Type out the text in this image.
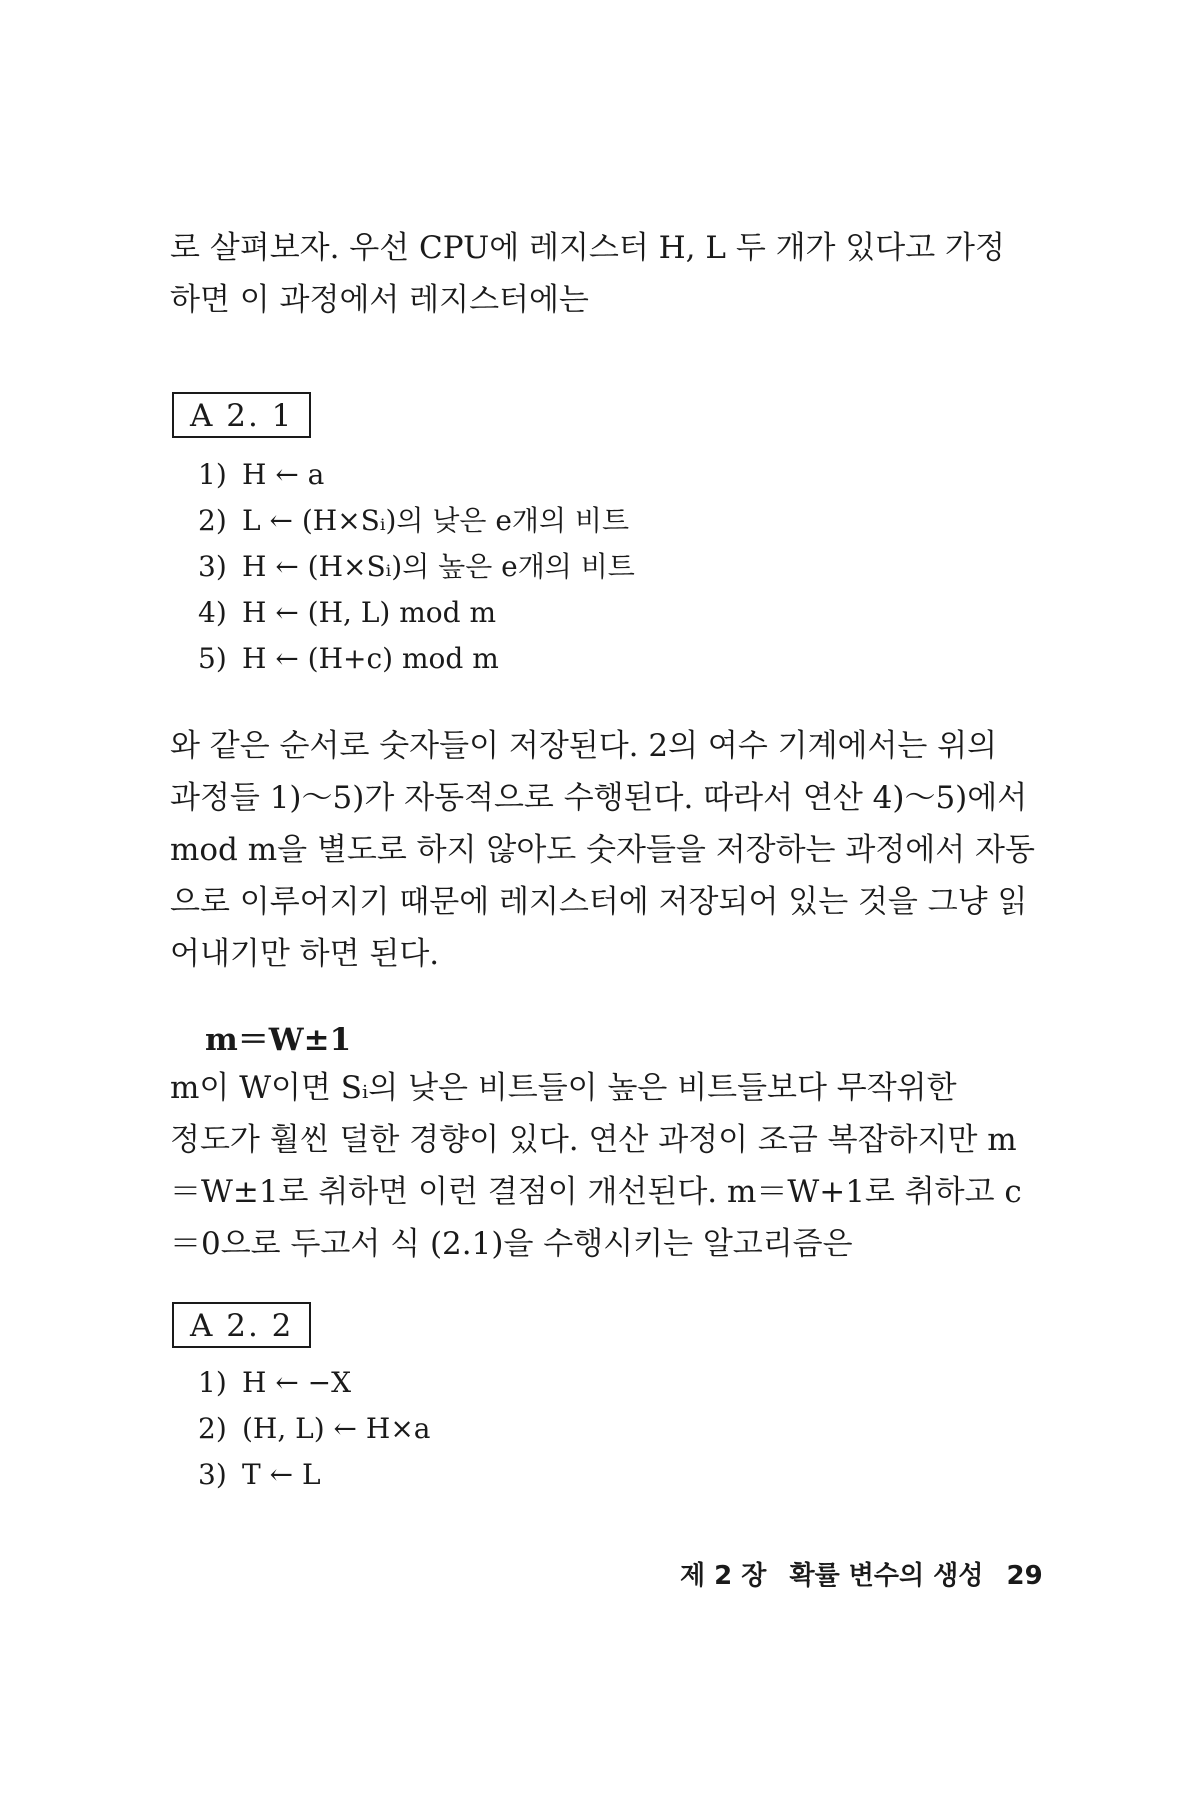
로 살펴보자. 우선 CPU에 레지스터 H, L 두 개가 있다고 가정
하면 이 과정에서 레지스터에는

A 2. 1
1) H ← a
2) L ← (H×Sᵢ)의 낮은 e개의 비트
3) H ← (H×Sᵢ)의 높은 e개의 비트
4) H ← (H, L) mod m
5) H ← (H+c) mod m

와 같은 순서로 숫자들이 저장된다. 2의 여수 기계에서는 위의
과정들 1)～5)가 자동적으로 수행된다. 따라서 연산 4)～5)에서
mod m을 별도로 하지 않아도 숫자들을 저장하는 과정에서 자동
으로 이루어지기 때문에 레지스터에 저장되어 있는 것을 그냥 읽
어내기만 하면 된다.

m＝W±1

m이 W이면 Sᵢ의 낮은 비트들이 높은 비트들보다 무작위한
정도가 훨씬 덜한 경향이 있다. 연산 과정이 조금 복잡하지만 m
＝W±1로 취하면 이런 결점이 개선된다. m＝W+1로 취하고 c
＝0으로 두고서 식 (2.1)을 수행시키는 알고리즘은

A 2. 2
1) H ← −X
2) (H, L) ← H×a
3) T ← L
제 2 장 확률 변수의 생성 29
